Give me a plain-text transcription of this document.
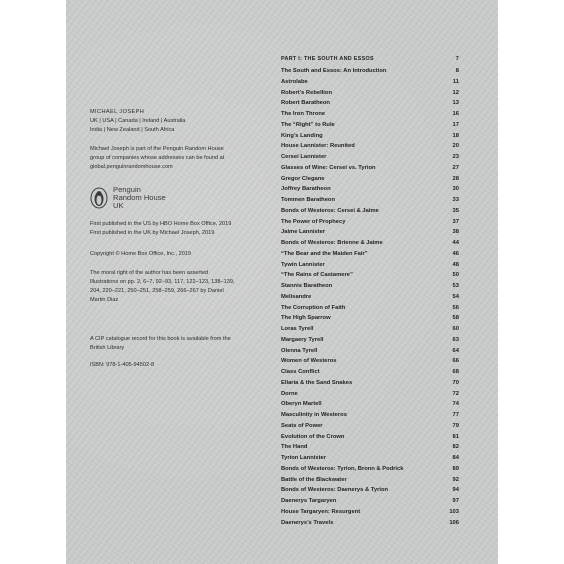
MICHAEL JOSEPH
UK | USA | Canada | Ireland | Australia
India | New Zealand | South Africa
Michael Joseph is part of the Penguin Random House
group of companies whose addresses can be found at
global.penguinrandomhouse.com
Penguin
Random House
UK
First published in the US by HBO Home Box Office, 2019
First published in the UK by Michael Joseph, 2019
Copyright © Home Box Office, Inc., 2019
The moral right of the author has been asserted
Illustrations on pp. 2, 6–7, 92–93, 117, 122–123, 138–139,
204, 220–221, 250–251, 258–259, 266–267 by Daniel
Martin Diaz
A CIP catalogue record for this book is available from the
British Library
ISBN: 978-1-405-94502-8
PART I: THE SOUTH AND ESSOS	7
The South and Essos: An Introduction	8
Astrolabe	11
Robert’s Rebellion	12
Robert Baratheon	13
The Iron Throne	16
The “Right” to Rule	17
King’s Landing	18
House Lannister: Reunited	20
Cersei Lannister	23
Glasses of Wine: Cersei vs. Tyrion	27
Gregor Clegane	28
Joffrey Baratheon	30
Tommen Baratheon	33
Bonds of Westeros: Cersei & Jaime	35
The Power of Prophecy	37
Jaime Lannister	38
Bonds of Westeros: Brienne & Jaime	44
“The Bear and the Maiden Fair”	46
Tywin Lannister	48
“The Rains of Castamere”	50
Stannis Baratheon	53
Melisandre	54
The Corruption of Faith	56
The High Sparrow	58
Loras Tyrell	60
Margaery Tyrell	63
Olenna Tyrell	64
Women of Westeros	66
Class Conflict	68
Ellaria & the Sand Snakes	70
Dorne	72
Oberyn Martell	74
Masculinity in Westeros	77
Seats of Power	79
Evolution of the Crown	81
The Hand	82
Tyrion Lannister	84
Bonds of Westeros: Tyrion, Bronn & Podrick	89
Battle of the Blackwater	92
Bonds of Westeros: Daenerys & Tyrion	94
Daenerys Targaryen	97
House Targaryen: Resurgent	103
Daenerys’s Travels	106
